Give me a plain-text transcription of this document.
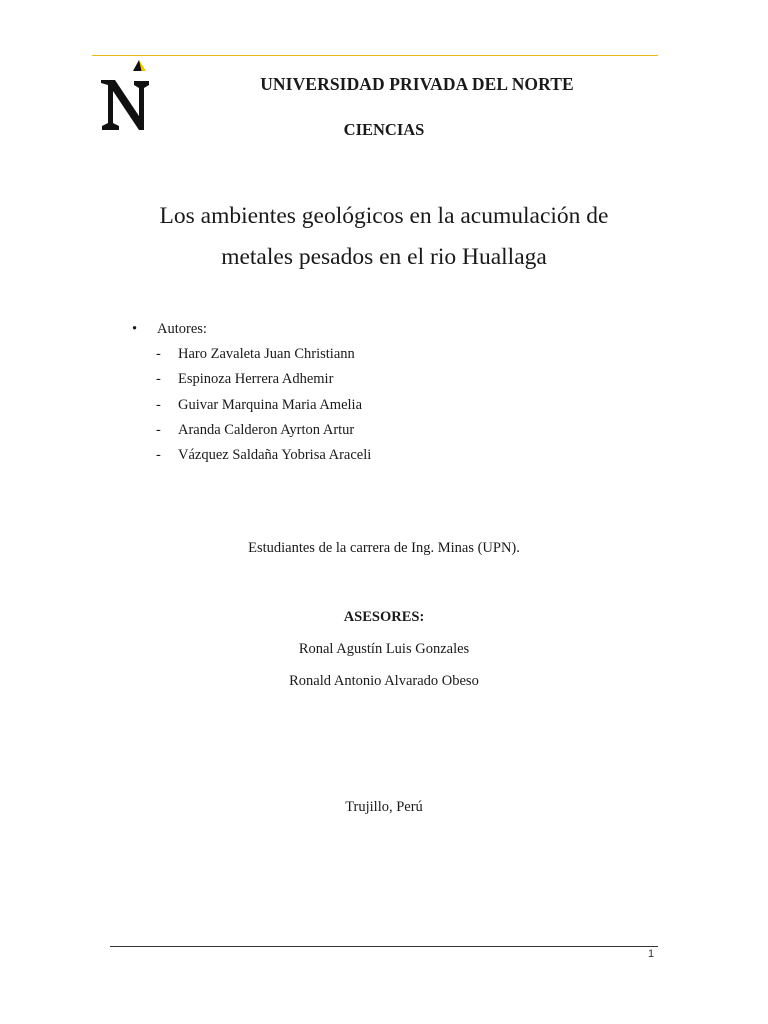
UNIVERSIDAD PRIVADA DEL NORTE
CIENCIAS
Los ambientes geológicos en la acumulación de
metales pesados en el rio Huallaga
• Autores:
- Haro Zavaleta Juan Christiann
- Espinoza Herrera Adhemir
- Guivar Marquina Maria Amelia
- Aranda Calderon Ayrton Artur
- Vázquez Saldaña Yobrisa Araceli
Estudiantes de la carrera de Ing. Minas (UPN).
ASESORES:
Ronal Agustín Luis Gonzales
Ronald Antonio Alvarado Obeso
Trujillo, Perú
1
